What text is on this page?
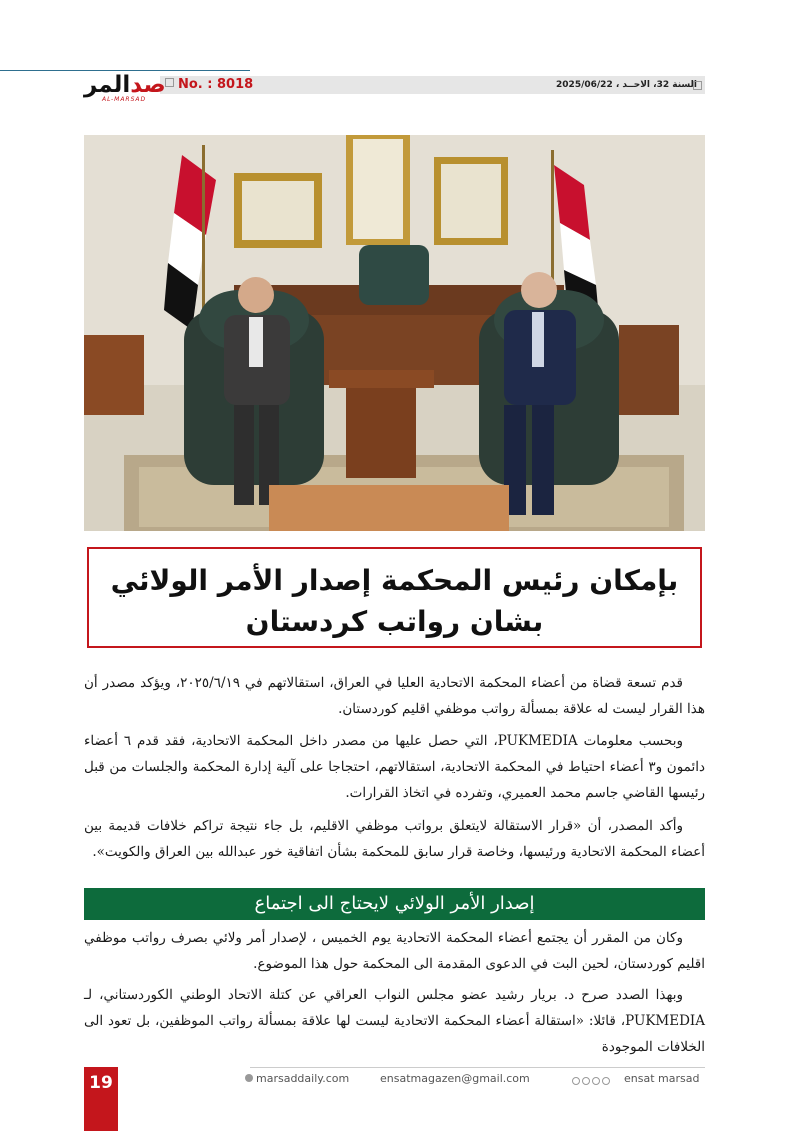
صدالمر
AL-MARSAD
No. : 8018	السنة 32، الاحــد ، 2025/06/22
بإمكان رئيس المحكمة إصدار الأمر الولائي
بشان رواتب كردستان

قدم تسعة قضاة من أعضاء المحكمة الاتحادية العليا في العراق، استقالاتهم في ٢٠٢٥/٦/١٩، ويؤكد مصدر أن هذا القرار ليست له علاقة بمسألة رواتب موظفي اقليم كوردستان.

وبحسب معلومات PUKMEDIA، التي حصل عليها من مصدر داخل المحكمة الاتحادية، فقد قدم ٦ أعضاء دائمون و٣ أعضاء احتياط في المحكمة الاتحادية، استقالاتهم، احتجاجا على آلية إدارة المحكمة والجلسات من قبل رئيسها القاضي جاسم محمد العميري، وتفرده في اتخاذ القرارات.

وأكد المصدر، أن «قرار الاستقالة لايتعلق برواتب موظفي الاقليم، بل جاء نتيجة تراكم خلافات قديمة بين أعضاء المحكمة الاتحادية ورئيسها، وخاصة قرار سابق للمحكمة بشأن اتفاقية خور عبدالله بين العراق والكويت».

إصدار الأمر الولائي لايحتاج الى اجتماع

وكان من المقرر أن يجتمع أعضاء المحكمة الاتحادية يوم الخميس ، لإصدار أمر ولائي بصرف رواتب موظفي اقليم كوردستان، لحين البت في الدعوى المقدمة الى المحكمة حول هذا الموضوع.

وبهذا الصدد صرح د. بريار رشيد عضو مجلس النواب العراقي عن كتلة الاتحاد الوطني الكوردستاني، لـ PUKMEDIA، قائلا: «استقالة أعضاء المحكمة الاتحادية ليست لها علاقة بمسألة رواتب الموظفين، بل تعود الى الخلافات الموجودة

19	marsaddaily.com	ensatmagazen@gmail.com	ensat marsad
